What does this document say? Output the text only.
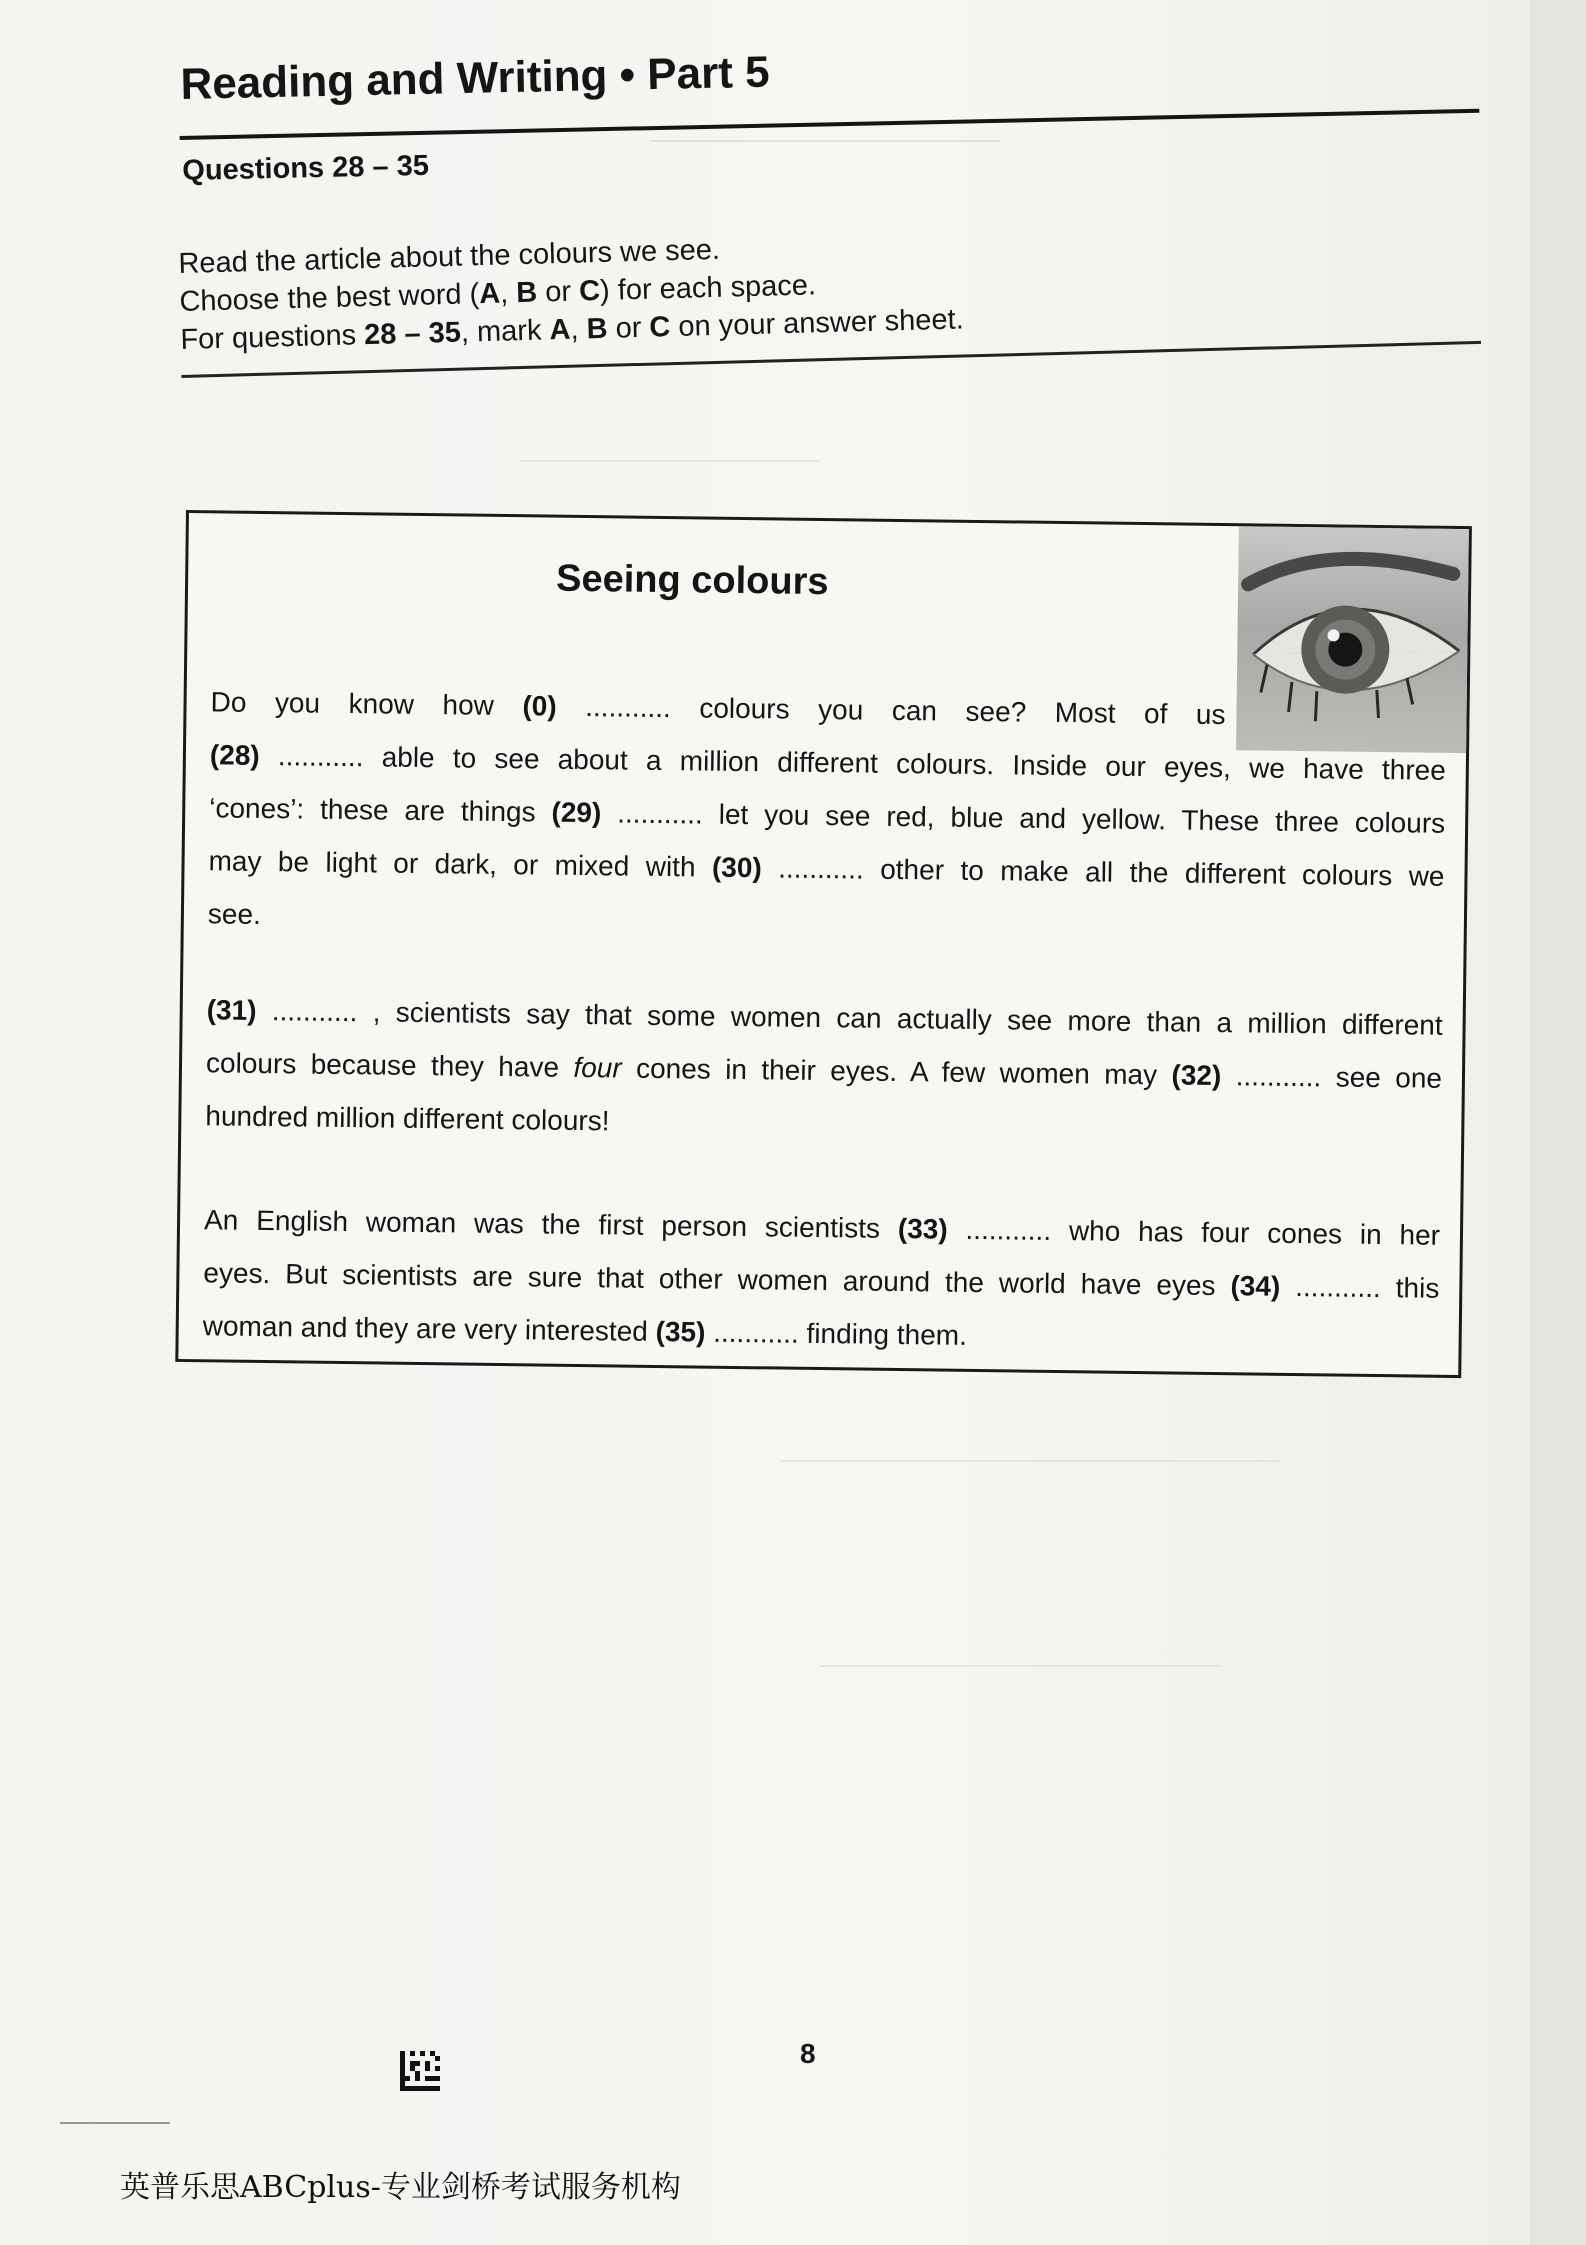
Reading and Writing • Part 5
Questions 28 – 35
Read the article about the colours we see.
Choose the best word (A, B or C) for each space.
For questions 28 – 35, mark A, B or C on your answer sheet.
Seeing colours
Do you know how (0) ........... colours you can see? Most of us
(28) ........... able to see about a million different colours. Inside our eyes, we have three
‘cones’: these are things (29) ........... let you see red, blue and yellow. These three colours
may be light or dark, or mixed with (30) ........... other to make all the different colours we
see.
(31) ........... , scientists say that some women can actually see more than a million different
colours because they have four cones in their eyes. A few women may (32) ........... see one
hundred million different colours!
An English woman was the first person scientists (33) ........... who has four cones in her
eyes. But scientists are sure that other women around the world have eyes (34) ........... this
woman and they are very interested (35) ........... finding them.
8
英普乐思ABCplus-专业剑桥考试服务机构
